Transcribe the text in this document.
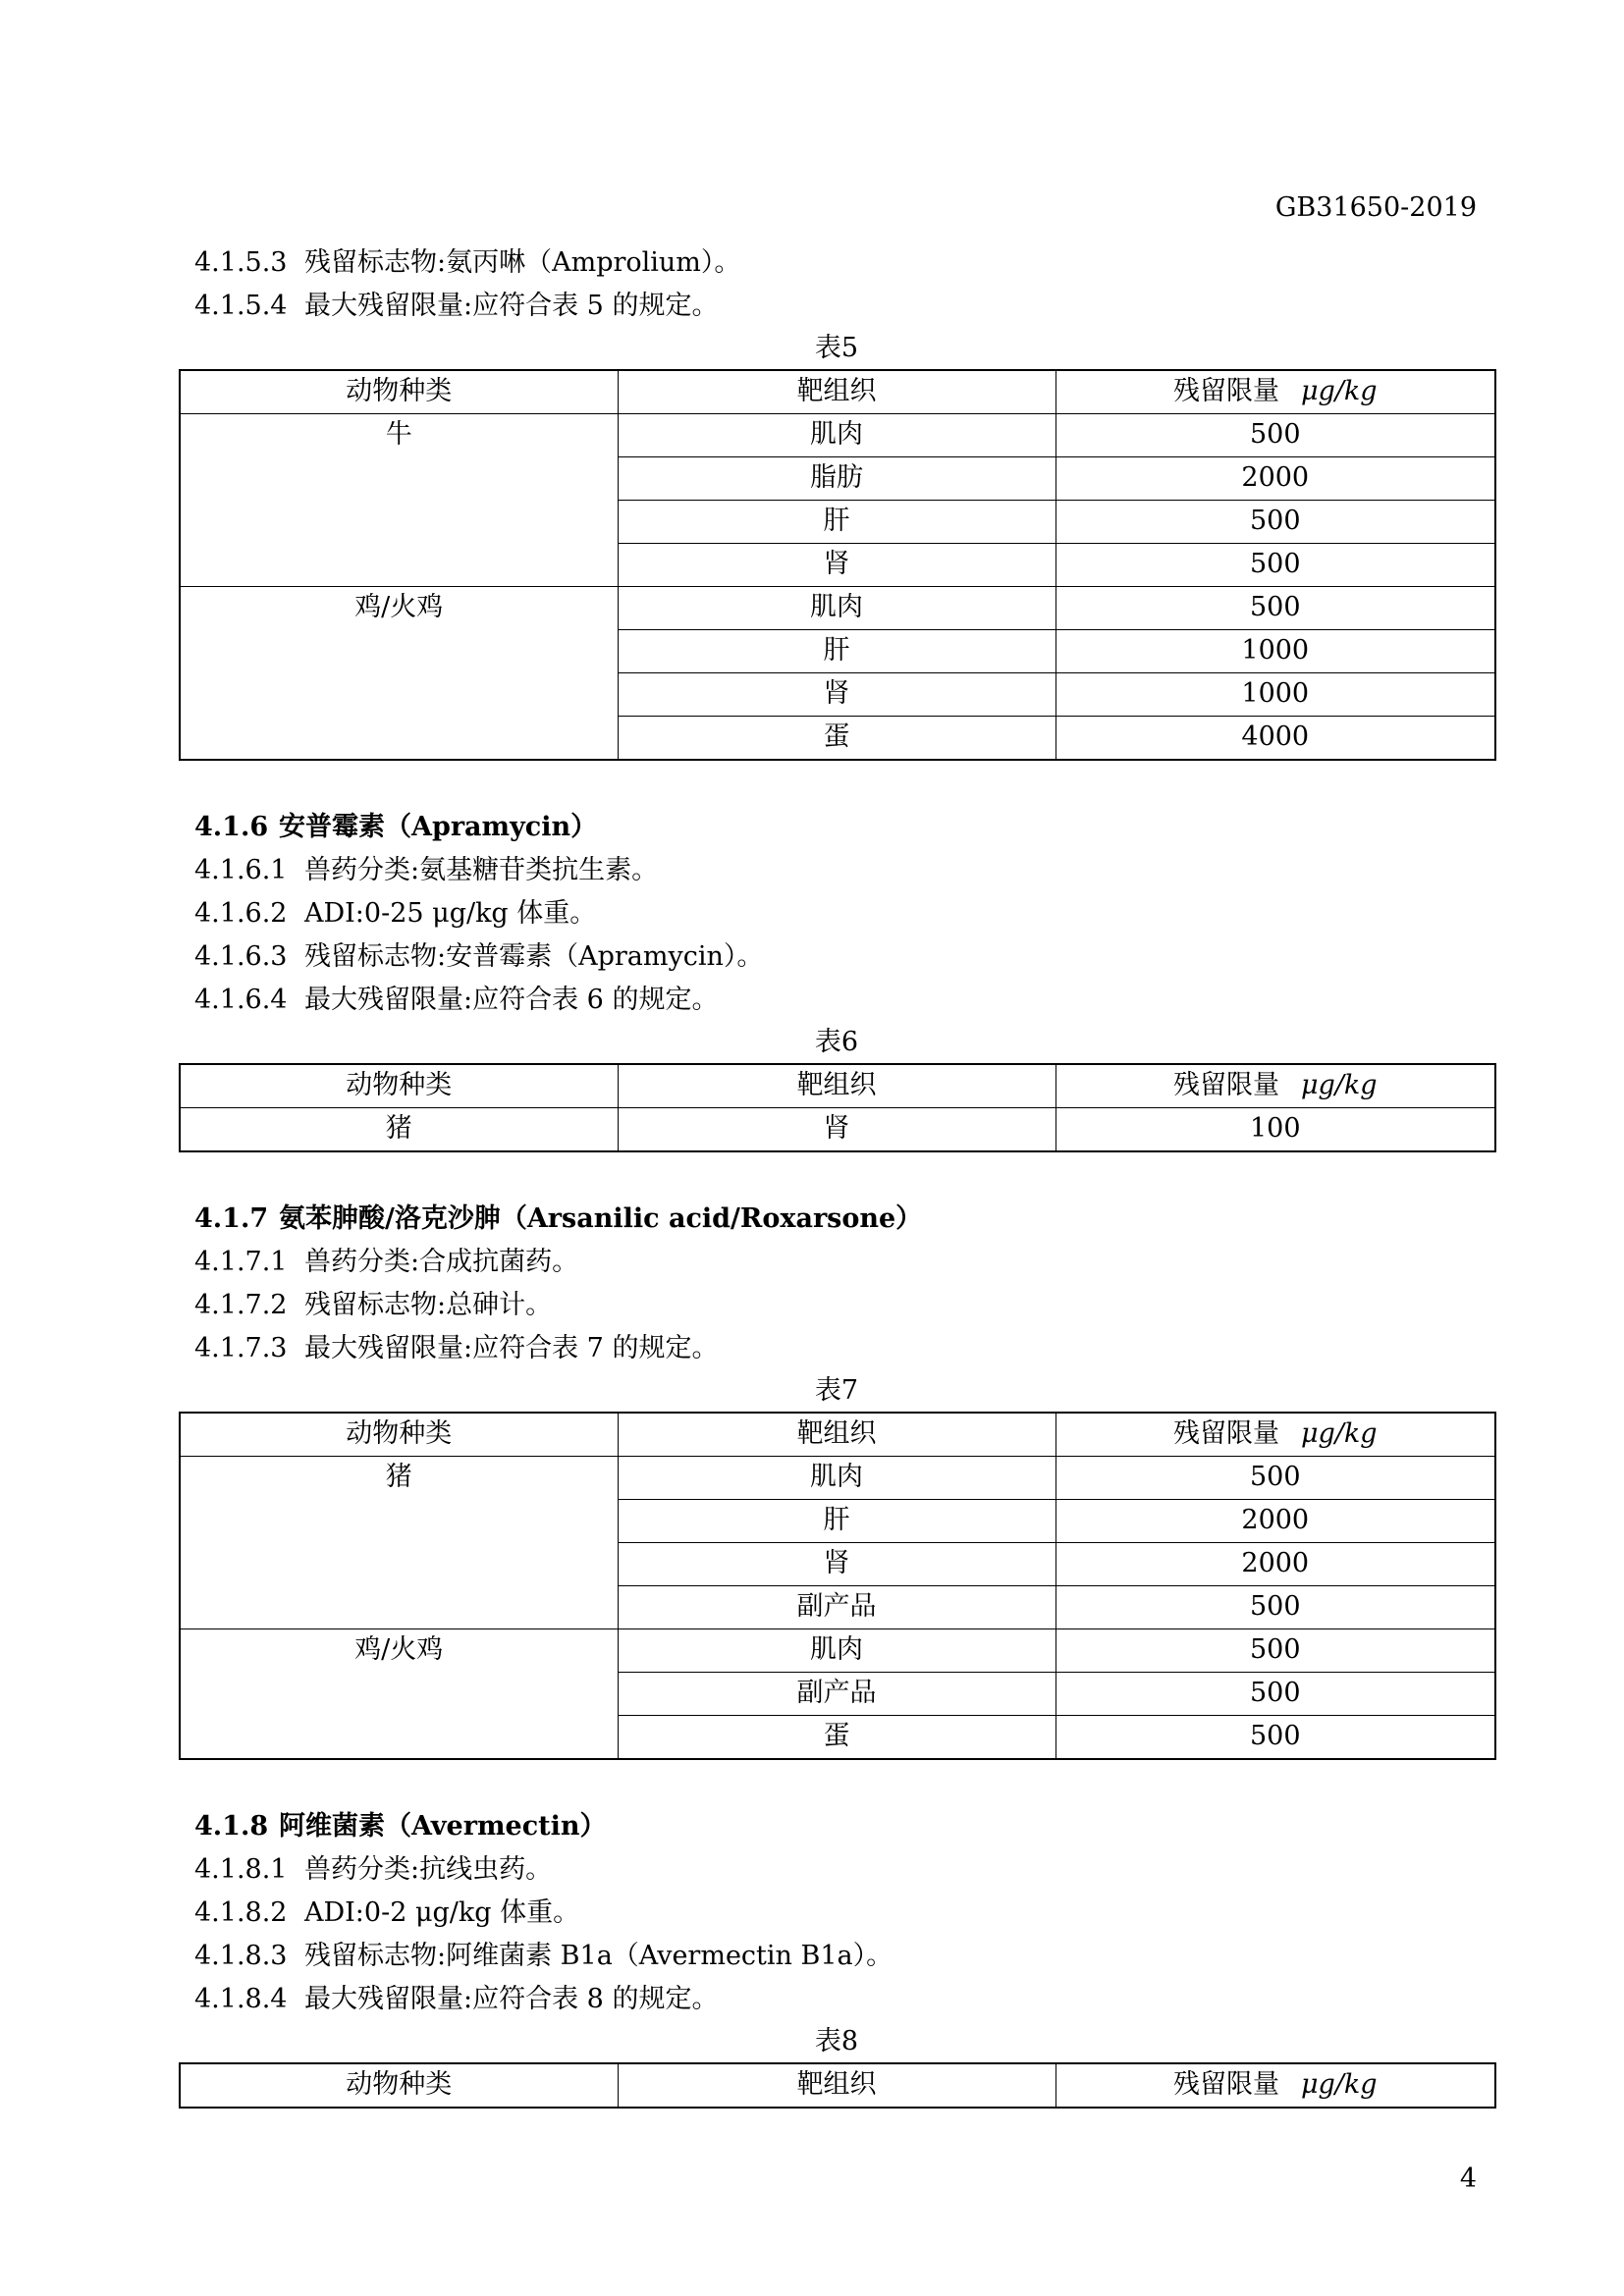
GB31650-2019
4.1.5.3 残留标志物:氨丙啉（Amprolium）。
4.1.5.4 最大残留限量:应符合表 5 的规定。
表5
动物种类	靶组织	残留限量 μg/kg
牛	肌肉	500
	脂肪	2000
	肝	500
	肾	500
鸡/火鸡	肌肉	500
	肝	1000
	肾	1000
	蛋	4000
4.1.6 安普霉素（Apramycin）
4.1.6.1 兽药分类:氨基糖苷类抗生素。
4.1.6.2 ADI:0-25 μg/kg 体重。
4.1.6.3 残留标志物:安普霉素（Apramycin）。
4.1.6.4 最大残留限量:应符合表 6 的规定。
表6
动物种类	靶组织	残留限量 μg/kg
猪	肾	100
4.1.7 氨苯胂酸/洛克沙胂（Arsanilic acid/Roxarsone）
4.1.7.1 兽药分类:合成抗菌药。
4.1.7.2 残留标志物:总砷计。
4.1.7.3 最大残留限量:应符合表 7 的规定。
表7
动物种类	靶组织	残留限量 μg/kg
猪	肌肉	500
	肝	2000
	肾	2000
	副产品	500
鸡/火鸡	肌肉	500
	副产品	500
	蛋	500
4.1.8 阿维菌素（Avermectin）
4.1.8.1 兽药分类:抗线虫药。
4.1.8.2 ADI:0-2 μg/kg 体重。
4.1.8.3 残留标志物:阿维菌素 B1a（Avermectin B1a）。
4.1.8.4 最大残留限量:应符合表 8 的规定。
表8
动物种类	靶组织	残留限量 μg/kg
4
